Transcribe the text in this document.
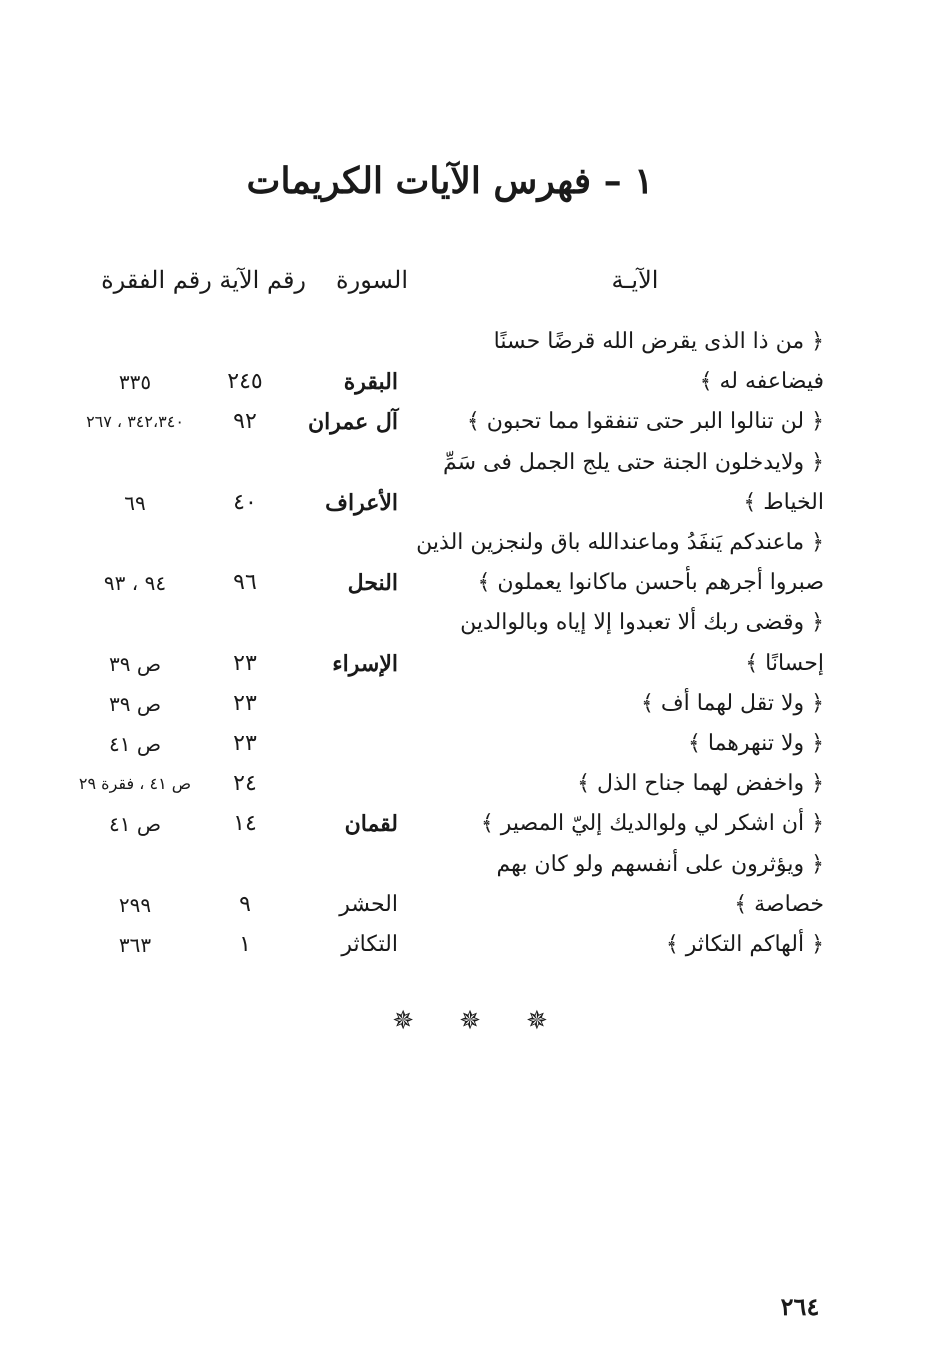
١ – فهرس الآيات الكريمات
الآيـة
السورة
رقم الآية رقم الفقرة
﴿ من ذا الذى يقرض الله قرضًا حسنًا
فيضاعفه له ﴾
البقرة
٢٤٥
٣٣٥
﴿ لن تنالوا البر حتى تنفقوا مما تحبون ﴾
آل عمران
٩٢
٣٤٢،٣٤٠ ، ٢٦٧
﴿ ولايدخلون الجنة حتى يلج الجمل فى سَمِّ
الخياط ﴾
الأعراف
٤٠
٦٩
﴿ ماعندكم يَنفَدُ وماعندالله باق ولنجزين الذين
صبروا أجرهم بأحسن ماكانوا يعملون ﴾
النحل
٩٦
٩٤ ، ٩٣
﴿ وقضى ربك ألا تعبدوا إلا إياه وبالوالدين
إحسانًا ﴾
الإسراء
٢٣
ص ٣٩
﴿ ولا تقل لهما أف ﴾
٢٣
ص ٣٩
﴿ ولا تنهرهما ﴾
٢٣
ص ٤١
﴿ واخفض لهما جناح الذل ﴾
٢٤
ص ٤١ ، فقرة ٢٩
﴿ أن اشكر لي ولوالديك إليّ المصير ﴾
لقمان
١٤
ص ٤١
﴿ ويؤثرون على أنفسهم ولو كان بهم
خصاصة ﴾
الحشر
٩
٢٩٩
﴿ ألهاكم التكاثر ﴾
التكاثر
١
٣٦٣
✵ ✵ ✵
٢٦٤
